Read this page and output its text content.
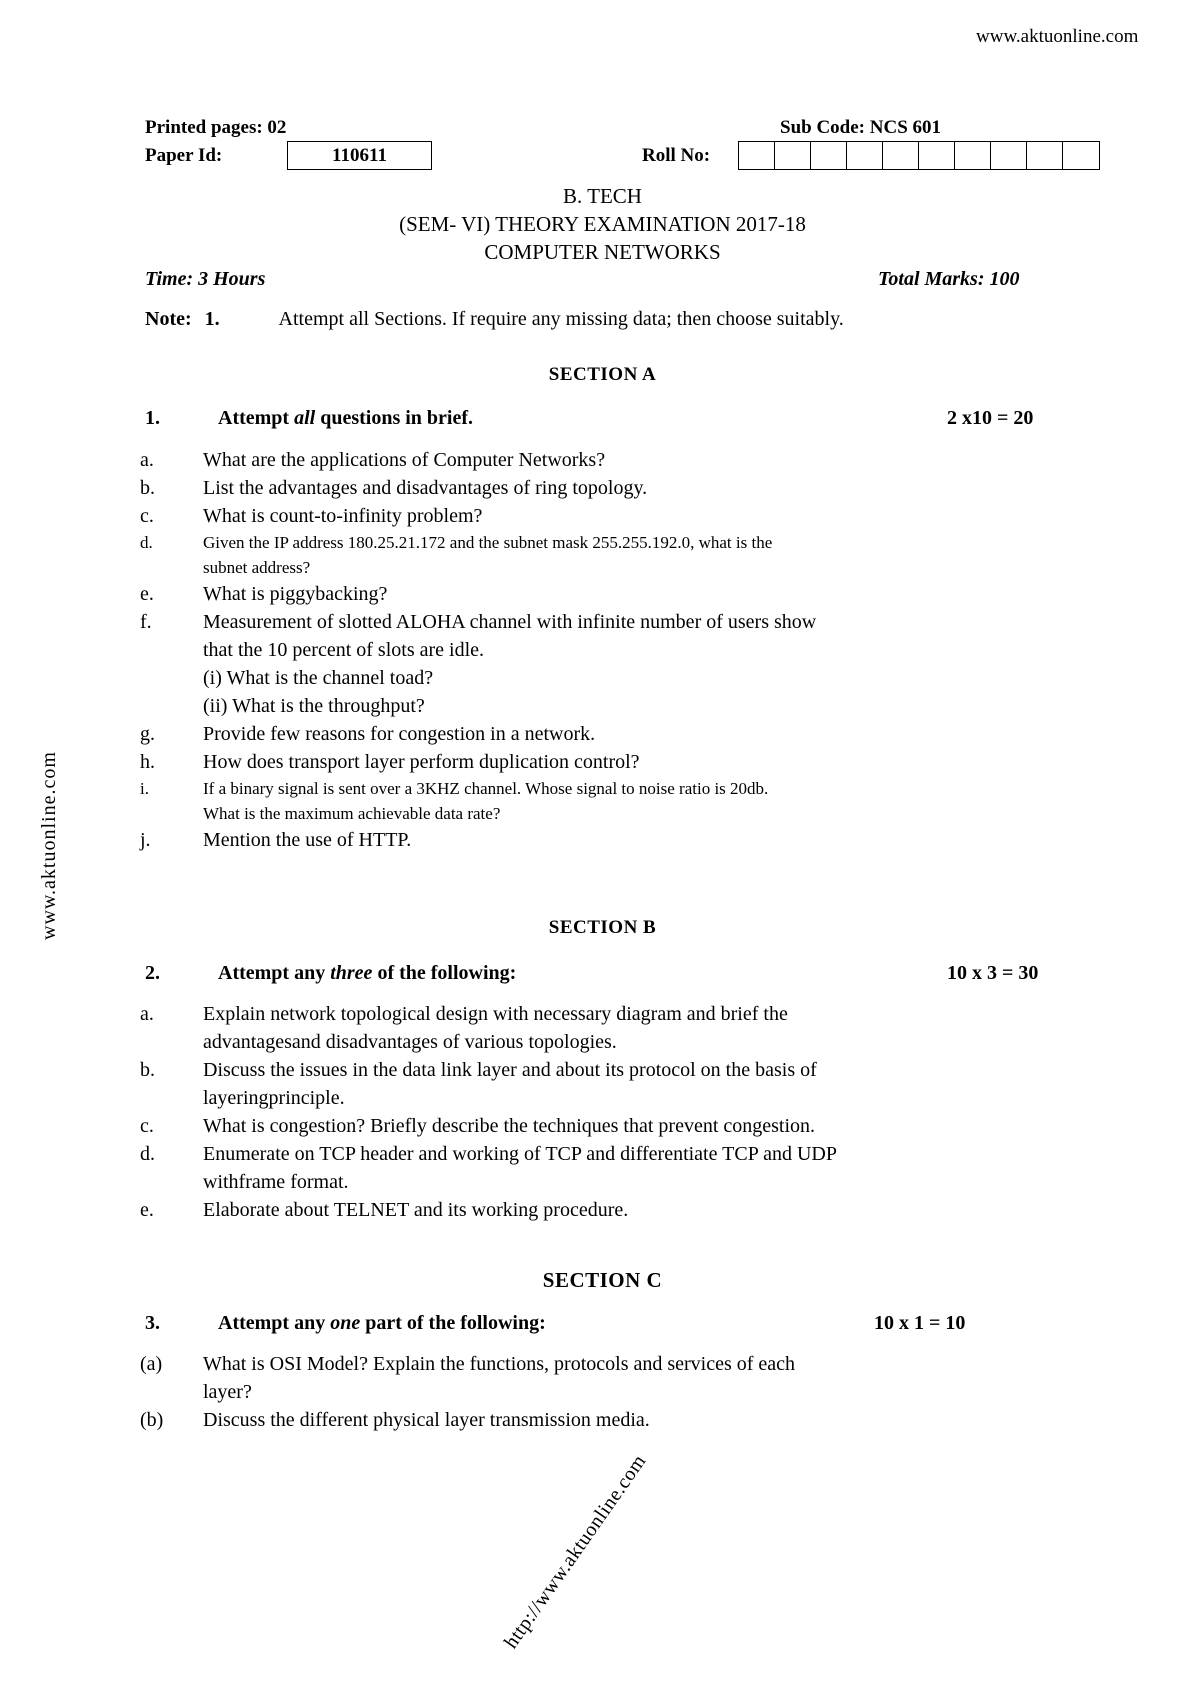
www.aktuonline.com
Printed pages: 02	Sub Code: NCS 601
Paper Id:	110611	Roll No:
B. TECH
(SEM- VI) THEORY EXAMINATION 2017-18
COMPUTER NETWORKS
Time: 3 Hours	Total Marks: 100
Note: 1.	Attempt all Sections. If require any missing data; then choose suitably.
SECTION A
1.	Attempt all questions in brief.	2 x10 = 20
a.	What are the applications of Computer Networks?
b.	List the advantages and disadvantages of ring topology.
c.	What is count-to-infinity problem?
d.	Given the IP address 180.25.21.172 and the subnet mask 255.255.192.0, what is the
subnet address?
e.	What is piggybacking?
f.	Measurement of slotted ALOHA channel with infinite number of users show
that the 10 percent of slots are idle.
(i) What is the channel toad?
(ii) What is the throughput?
g.	Provide few reasons for congestion in a network.
h.	How does transport layer perform duplication control?
i.	If a binary signal is sent over a 3KHZ channel. Whose signal to noise ratio is 20db.
What is the maximum achievable data rate?
j.	Mention the use of HTTP.
SECTION B
2.	Attempt any three of the following:	10 x 3 = 30
a.	Explain network topological design with necessary diagram and brief the
advantagesand disadvantages of various topologies.
b.	Discuss the issues in the data link layer and about its protocol on the basis of
layeringprinciple.
c.	What is congestion? Briefly describe the techniques that prevent congestion.
d.	Enumerate on TCP header and working of TCP and differentiate TCP and UDP
withframe format.
e.	Elaborate about TELNET and its working procedure.
SECTION C
3.	Attempt any one part of the following:	10 x 1 = 10
(a)	What is OSI Model? Explain the functions, protocols and services of each
layer?
(b)	Discuss the different physical layer transmission media.
www.aktuonline.com
http://www.aktuonline.com
